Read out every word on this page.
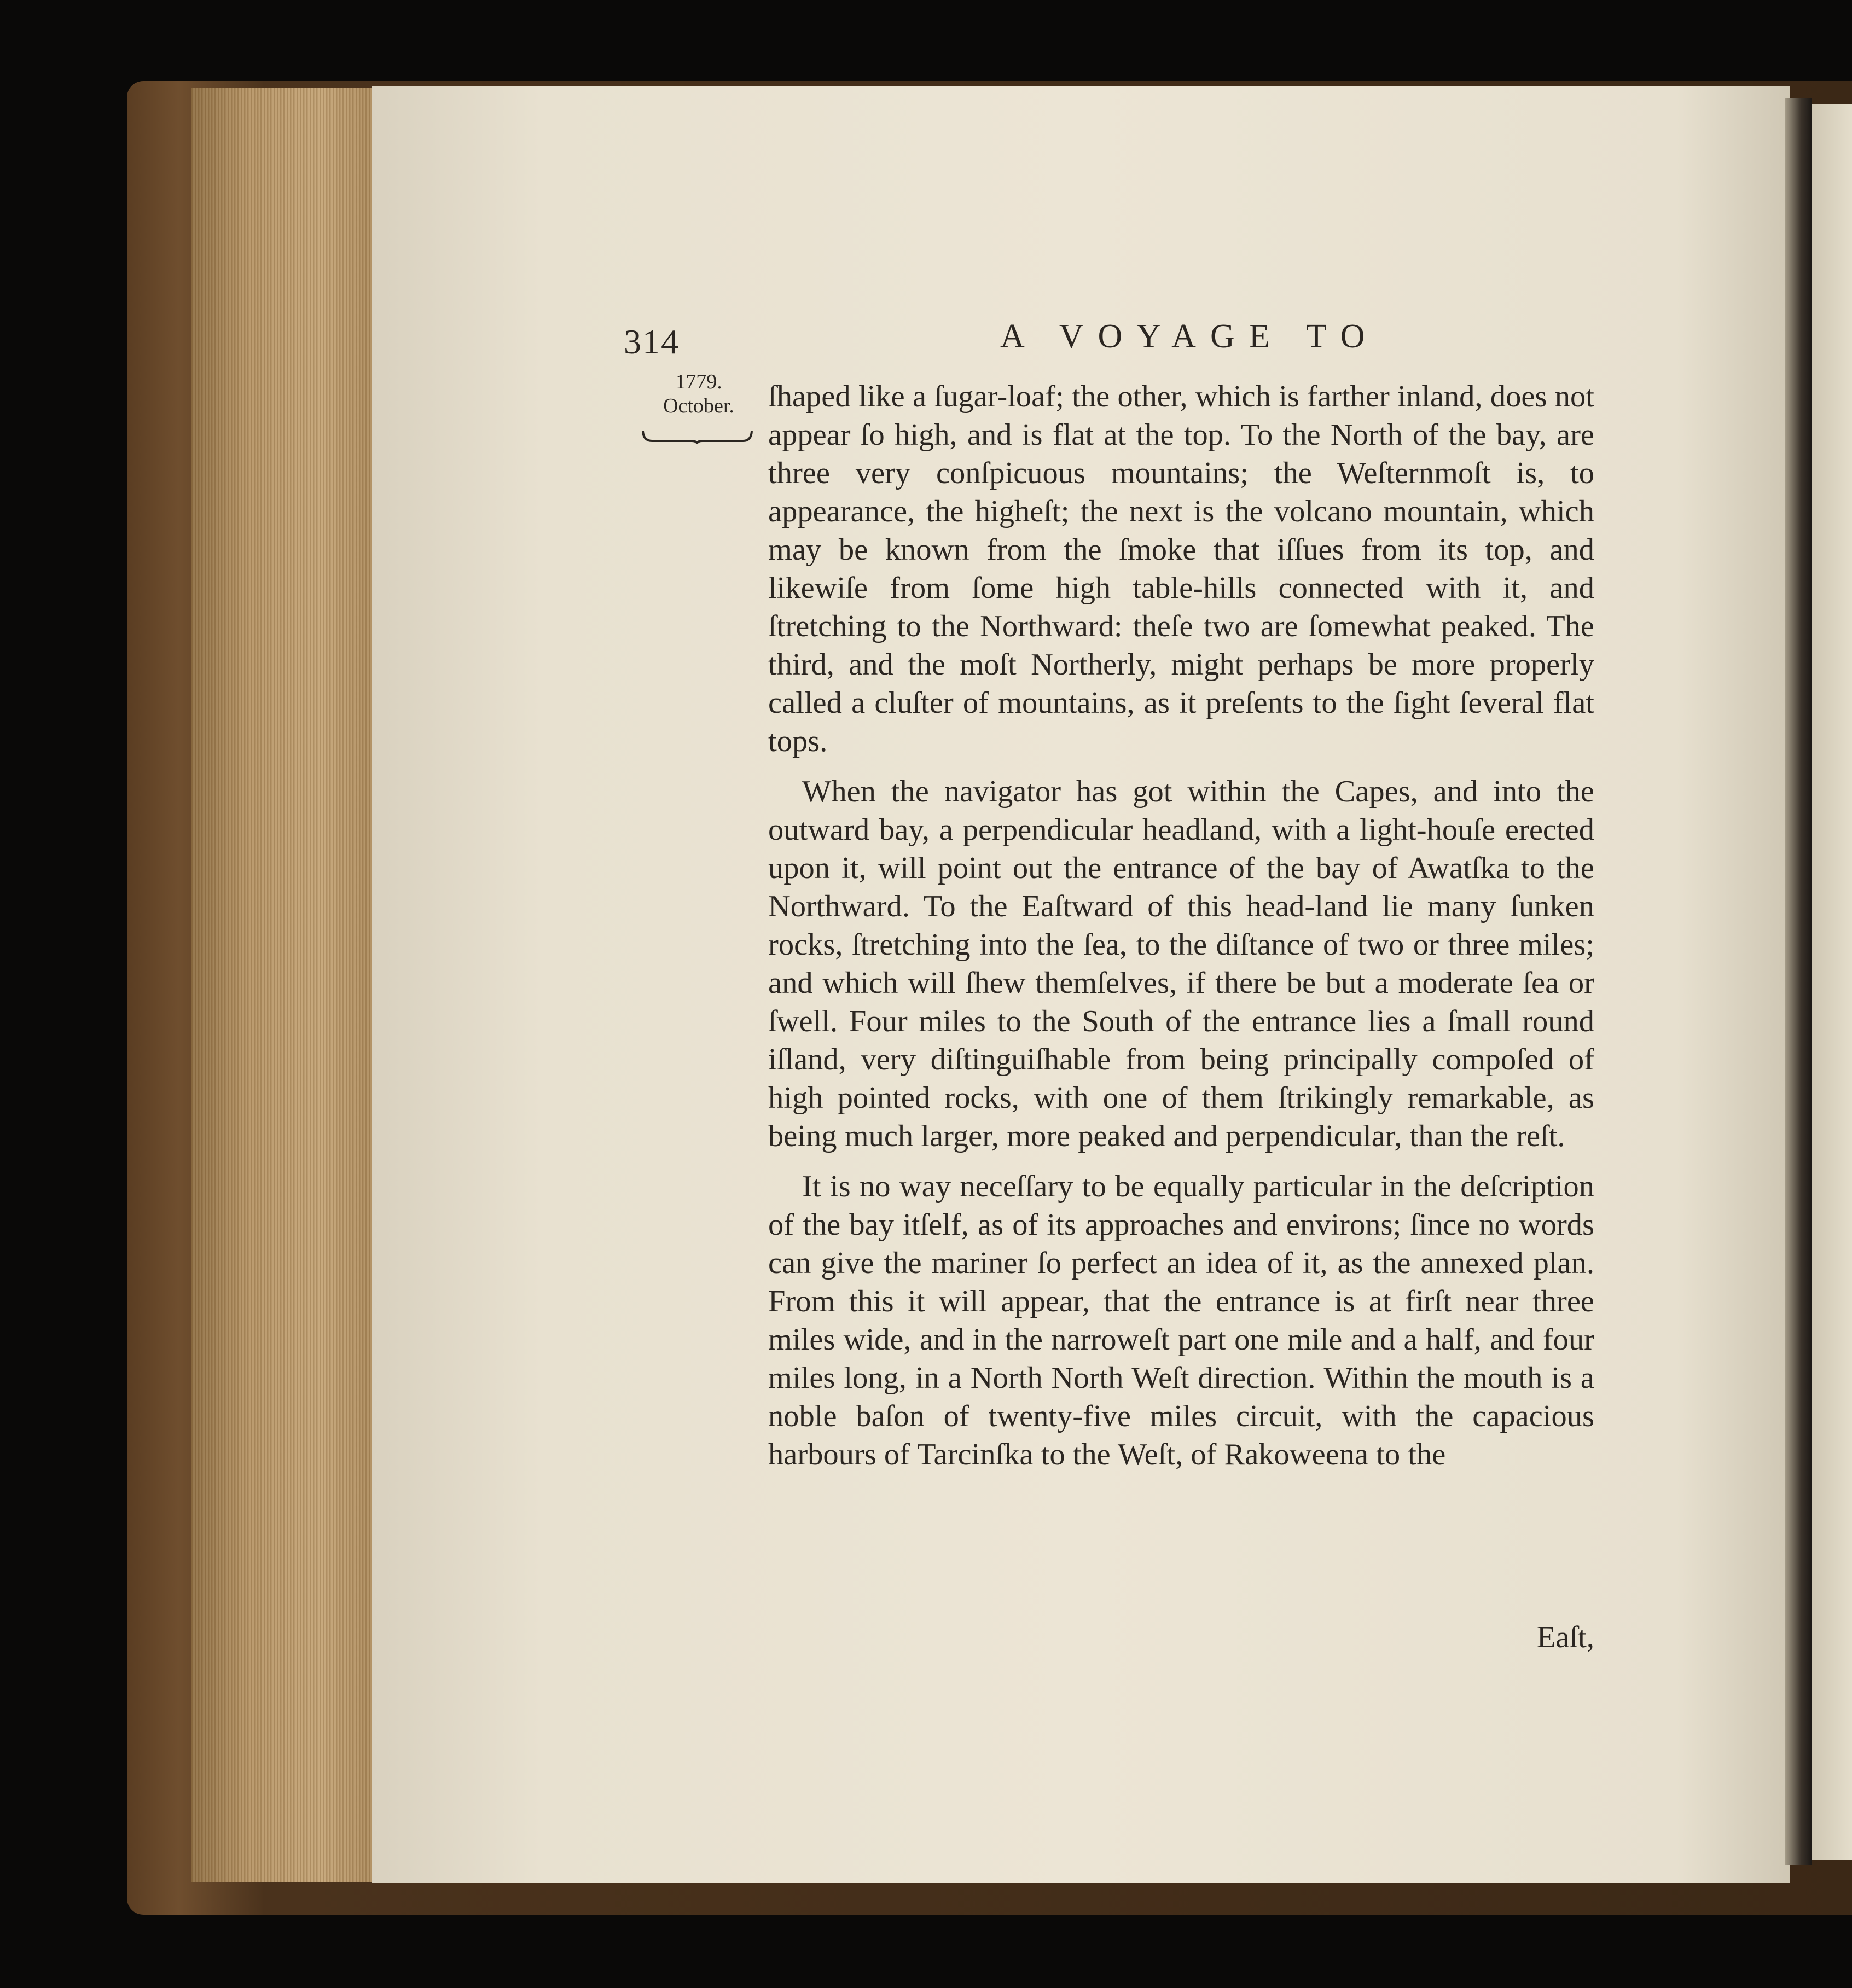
314	A VOYAGE TO
1779.
October.	ſhaped like a ſugar-loaf; the other, which is farther inland, does not appear ſo high, and is flat at the top. To the North of the bay, are three very conſpicuous mountains; the Weſternmoſt is, to appearance, the higheſt; the next is the volcano mountain, which may be known from the ſmoke that iſſues from its top, and likewiſe from ſome high table-hills connected with it, and ſtretching to the Northward: theſe two are ſomewhat peaked. The third, and the moſt Northerly, might perhaps be more properly called a cluſter of mountains, as it preſents to the ſight ſeveral flat tops.

When the navigator has got within the Capes, and into the outward bay, a perpendicular headland, with a light-houſe erected upon it, will point out the entrance of the bay of Awatſka to the Northward. To the Eaſtward of this head-land lie many ſunken rocks, ſtretching into the ſea, to the diſtance of two or three miles; and which will ſhew themſelves, if there be but a moderate ſea or ſwell. Four miles to the South of the entrance lies a ſmall round iſland, very diſtinguiſhable from being principally compoſed of high pointed rocks, with one of them ſtrikingly remarkable, as being much larger, more peaked and perpendicular, than the reſt.

It is no way neceſſary to be equally particular in the deſcription of the bay itſelf, as of its approaches and environs; ſince no words can give the mariner ſo perfect an idea of it, as the annexed plan. From this it will appear, that the entrance is at firſt near three miles wide, and in the narroweſt part one mile and a half, and four miles long, in a North North Weſt direction. Within the mouth is a noble baſon of twenty-five miles circuit, with the capacious harbours of Tarcinſka to the Weſt, of Rakoweena to the

Eaſt,
